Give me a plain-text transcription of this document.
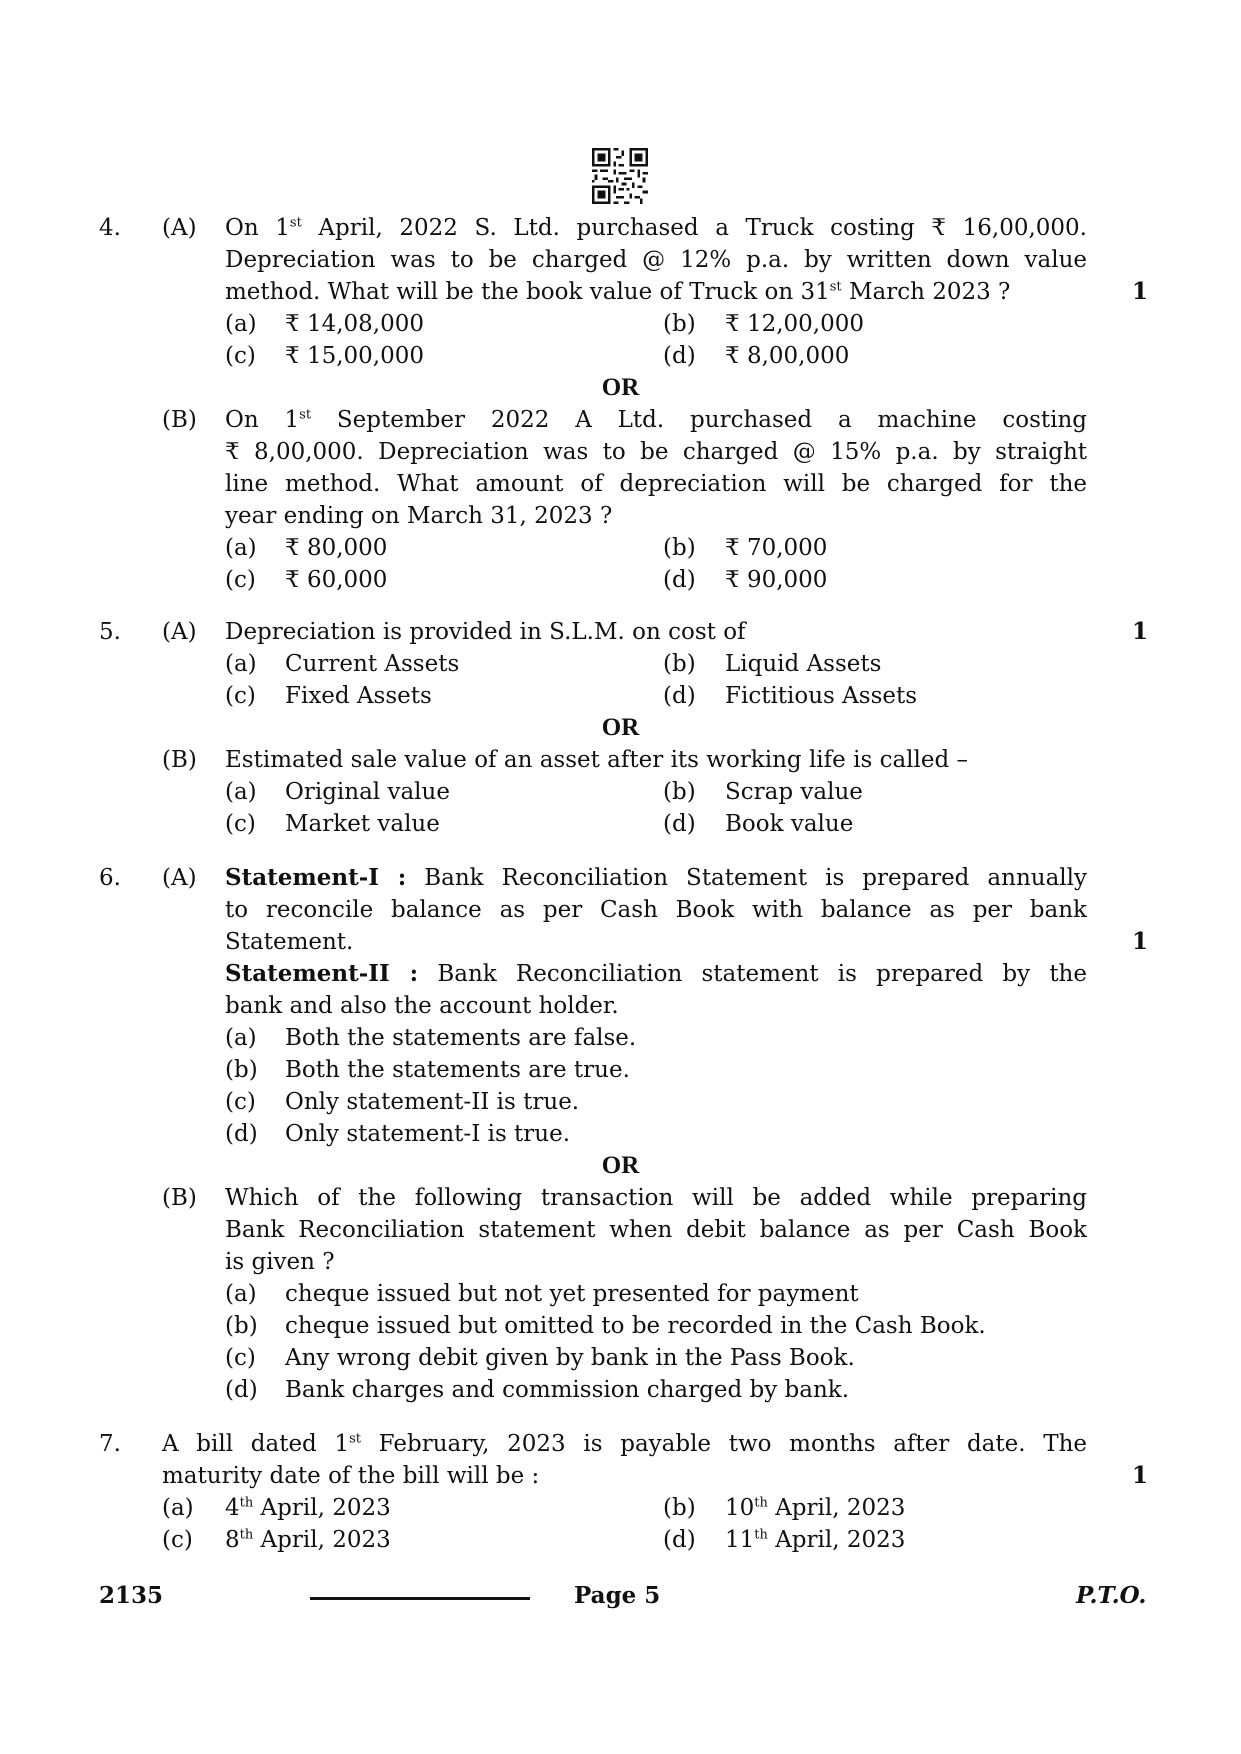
4. (A) On 1st April, 2022 S. Ltd. purchased a Truck costing ₹ 16,00,000.
Depreciation was to be charged @ 12% p.a. by written down value
method. What will be the book value of Truck on 31st March 2023 ?	1
(a) ₹ 14,08,000	(b) ₹ 12,00,000
(c) ₹ 15,00,000	(d) ₹ 8,00,000
OR
(B) On 1st September 2022 A Ltd. purchased a machine costing
₹ 8,00,000. Depreciation was to be charged @ 15% p.a. by straight
line method. What amount of depreciation will be charged for the
year ending on March 31, 2023 ?
(a) ₹ 80,000	(b) ₹ 70,000
(c) ₹ 60,000	(d) ₹ 90,000
5. (A) Depreciation is provided in S.L.M. on cost of	1
(a) Current Assets	(b) Liquid Assets
(c) Fixed Assets	(d) Fictitious Assets
OR
(B) Estimated sale value of an asset after its working life is called –
(a) Original value	(b) Scrap value
(c) Market value	(d) Book value
6. (A) Statement-I : Bank Reconciliation Statement is prepared annually
to reconcile balance as per Cash Book with balance as per bank
Statement.	1
Statement-II : Bank Reconciliation statement is prepared by the
bank and also the account holder.
(a) Both the statements are false.
(b) Both the statements are true.
(c) Only statement-II is true.
(d) Only statement-I is true.
OR
(B) Which of the following transaction will be added while preparing
Bank Reconciliation statement when debit balance as per Cash Book
is given ?
(a) cheque issued but not yet presented for payment
(b) cheque issued but omitted to be recorded in the Cash Book.
(c) Any wrong debit given by bank in the Pass Book.
(d) Bank charges and commission charged by bank.
7. A bill dated 1st February, 2023 is payable two months after date. The
maturity date of the bill will be :	1
(a) 4th April, 2023	(b) 10th April, 2023
(c) 8th April, 2023	(d) 11th April, 2023
2135	Page 5	P.T.O.
